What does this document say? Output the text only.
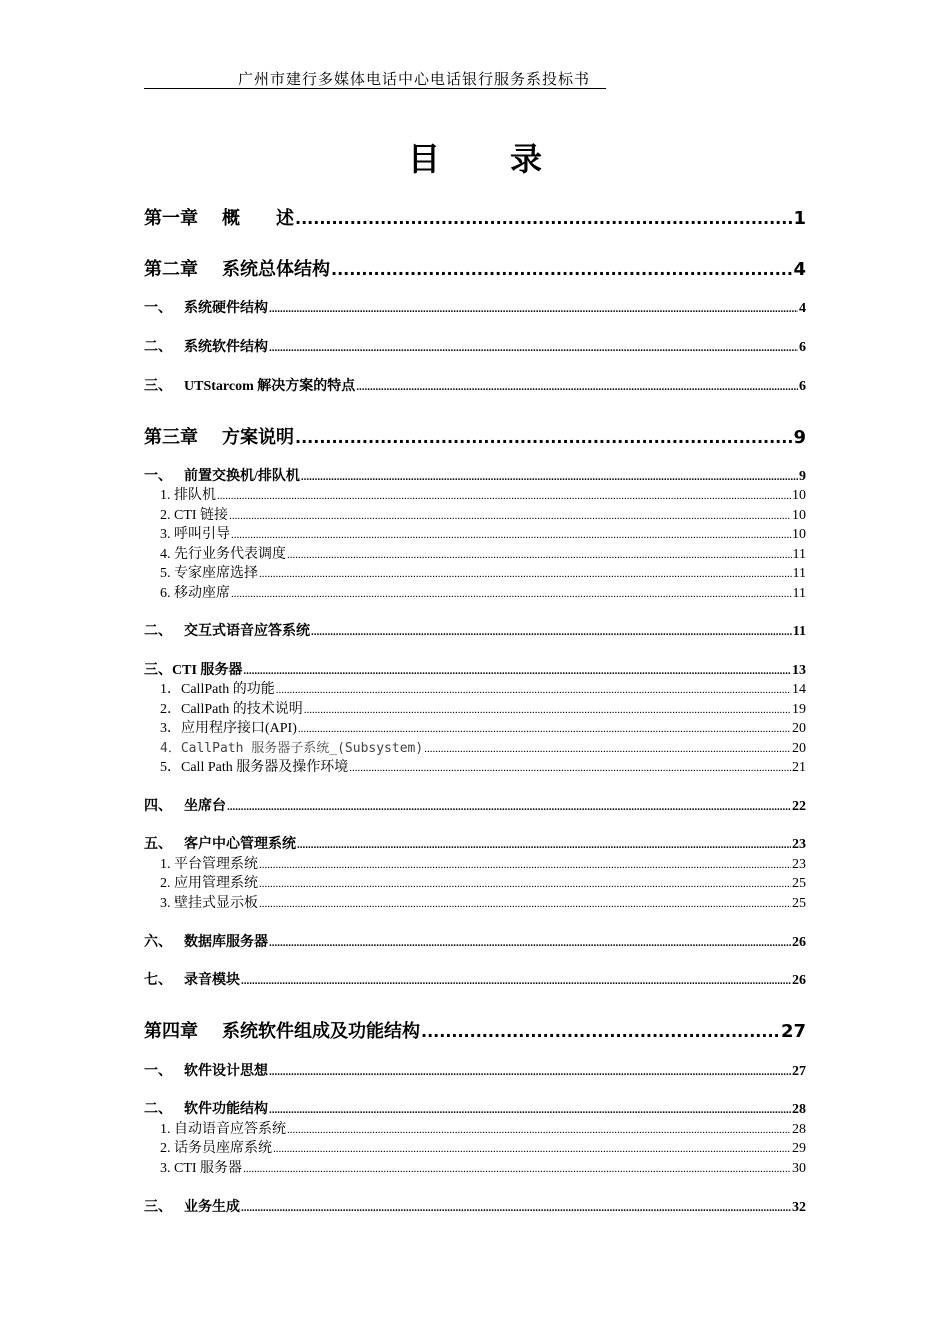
广州市建行多媒体电话中心电话银行服务系投标书
目录
第一章 概　　述 .....	1
第二章 系统总体结构 .....	4
一、 系统硬件结构 .....	4
二、 系统软件结构 .....	6
三、 UTStarcom 解决方案的特点 .....	6
第三章 方案说明 .....	9
一、 前置交换机/排队机 .....	9
1. 排队机 .....	10
2. CTI 链接 .....	10
3. 呼叫引导 .....	10
4. 先行业务代表调度 .....	11
5. 专家座席选择 .....	11
6. 移动座席 .....	11
二、 交互式语音应答系统 .....	11
三、CTI 服务器 .....	13
1．CallPath 的功能 .....	14
2．CallPath 的技术说明 .....	19
3．应用程序接口(API) .....	20
4．CallPath 服务器子系统_(Subsystem) .....	20
5．Call Path 服务器及操作环境 .....	21
四、 坐席台 .....	22
五、 客户中心管理系统 .....	23
1. 平台管理系统 .....	23
2. 应用管理系统 .....	25
3. 壁挂式显示板 .....	25
六、 数据库服务器 .....	26
七、 录音模块 .....	26
第四章 系统软件组成及功能结构 .....	27
一、 软件设计思想 .....	27
二、 软件功能结构 .....	28
1. 自动语音应答系统 .....	28
2. 话务员座席系统 .....	29
3. CTI 服务器 .....	30
三、 业务生成 .....	32
